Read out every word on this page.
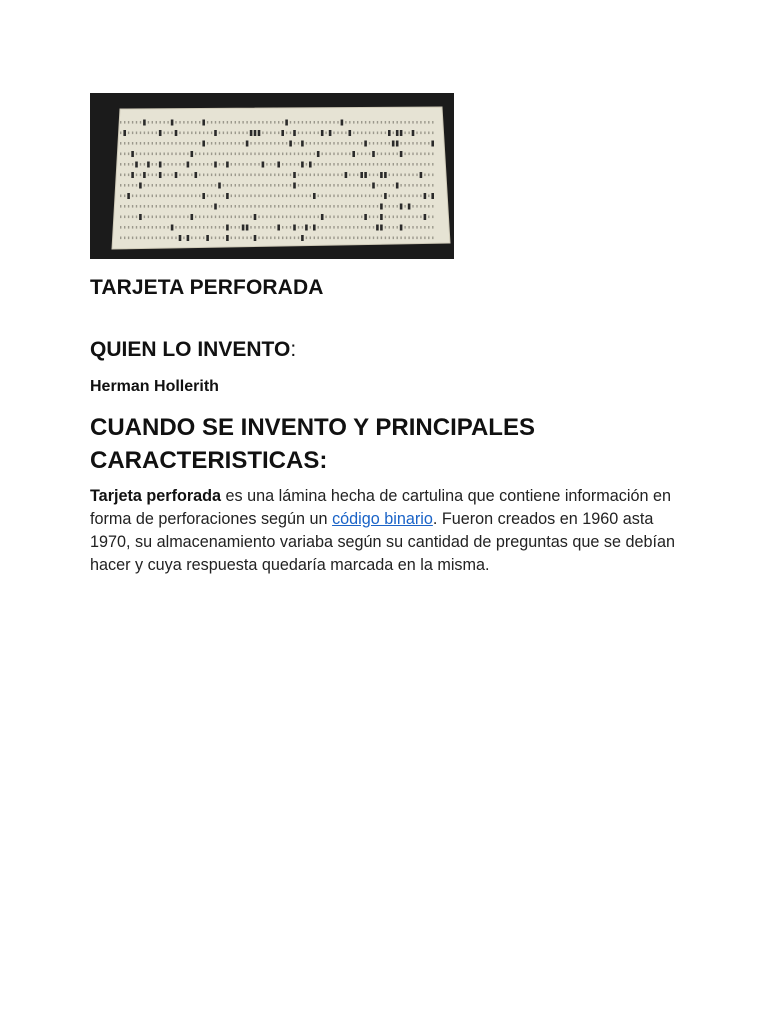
TARJETA PERFORADA
QUIEN LO INVENTO:

Herman Hollerith

CUANDO SE INVENTO Y PRINCIPALES CARACTERISTICAS:

Tarjeta perforada es una lámina hecha de cartulina que contiene información en forma de perforaciones según un código binario. Fueron creados en 1960 asta 1970, su almacenamiento variaba según su cantidad de preguntas que se debían hacer y cuya respuesta quedaría marcada en la misma.
